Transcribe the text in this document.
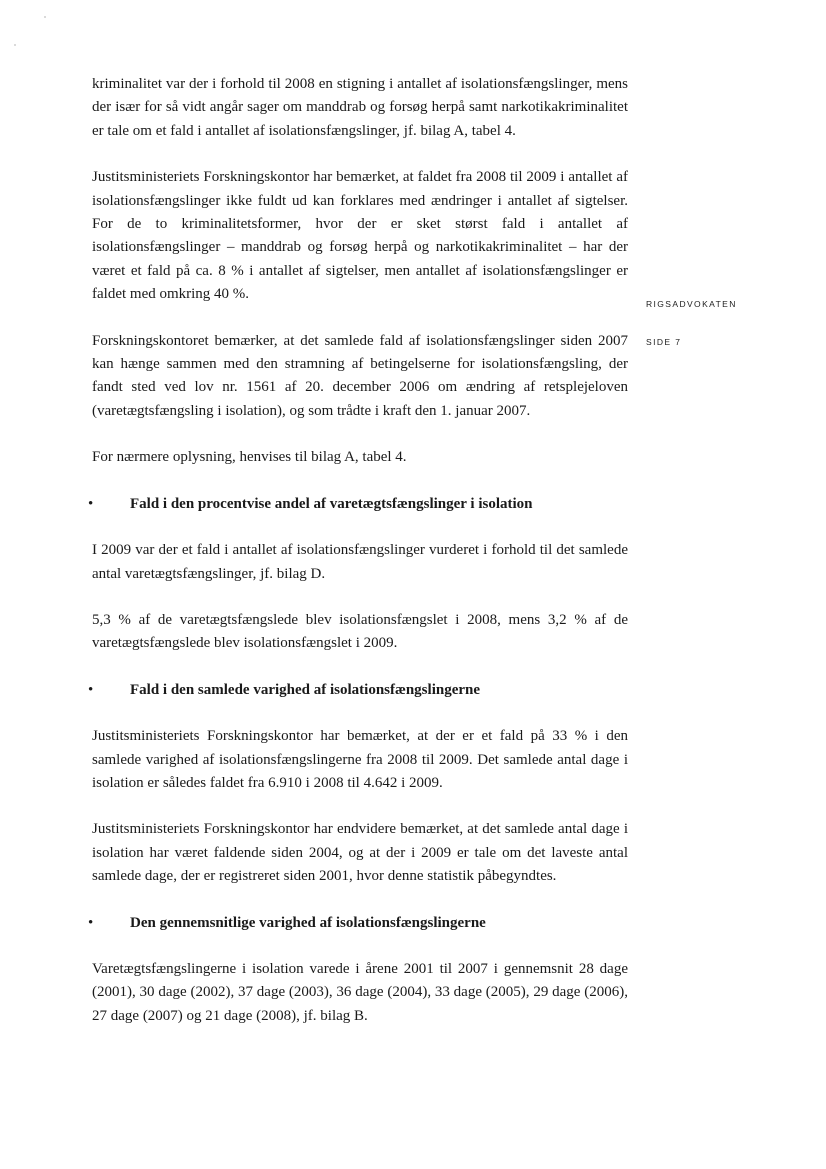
RIGSADVOKATEN
SIDE 7

kriminalitet var der i forhold til 2008 en stigning i antallet af isolationsfængslinger, mens der især for så vidt angår sager om manddrab og forsøg herpå samt narkotikakriminalitet er tale om et fald i antallet af isolationsfængslinger, jf. bilag A, tabel 4.

Justitsministeriets Forskningskontor har bemærket, at faldet fra 2008 til 2009 i antallet af isolationsfængslinger ikke fuldt ud kan forklares med ændringer i antallet af sigtelser. For de to kriminalitetsformer, hvor der er sket størst fald i antallet af isolationsfængslinger – manddrab og forsøg herpå og narkotikakriminalitet – har der været et fald på ca. 8 % i antallet af sigtelser, men antallet af isolationsfængslinger er faldet med omkring 40 %.

Forskningskontoret bemærker, at det samlede fald af isolationsfængslinger siden 2007 kan hænge sammen med den stramning af betingelserne for isolationsfængsling, der fandt sted ved lov nr. 1561 af 20. december 2006 om ændring af retsplejeloven (varetægtsfængsling i isolation), og som trådte i kraft den 1. januar 2007.

For nærmere oplysning, henvises til bilag A, tabel 4.

• Fald i den procentvise andel af varetægtsfængslinger i isolation

I 2009 var der et fald i antallet af isolationsfængslinger vurderet i forhold til det samlede antal varetægtsfængslinger, jf. bilag D.

5,3 % af de varetægtsfængslede blev isolationsfængslet i 2008, mens 3,2 % af de varetægtsfængslede blev isolationsfængslet i 2009.

• Fald i den samlede varighed af isolationsfængslingerne

Justitsministeriets Forskningskontor har bemærket, at der er et fald på 33 % i den samlede varighed af isolationsfængslingerne fra 2008 til 2009. Det samlede antal dage i isolation er således faldet fra 6.910 i 2008 til 4.642 i 2009.

Justitsministeriets Forskningskontor har endvidere bemærket, at det samlede antal dage i isolation har været faldende siden 2004, og at der i 2009 er tale om det laveste antal samlede dage, der er registreret siden 2001, hvor denne statistik påbegyndtes.

• Den gennemsnitlige varighed af isolationsfængslingerne

Varetægtsfængslingerne i isolation varede i årene 2001 til 2007 i gennemsnit 28 dage (2001), 30 dage (2002), 37 dage (2003), 36 dage (2004), 33 dage (2005), 29 dage (2006), 27 dage (2007) og 21 dage (2008), jf. bilag B.
